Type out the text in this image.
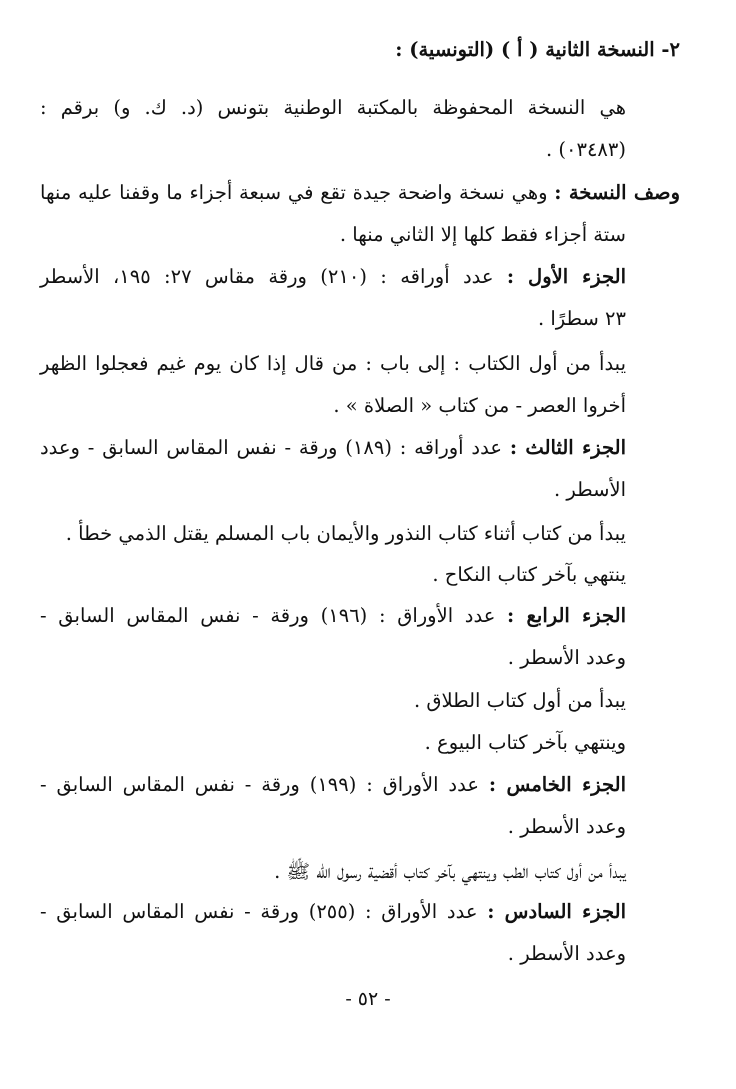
٢- النسخة الثانية ( أ ) (التونسية) :
هي النسخة المحفوظة بالمكتبة الوطنية بتونس (د. ك. و) برقم :
(٠٣٤٨٣) .
وصف النسخة : وهي نسخة واضحة جيدة تقع في سبعة أجزاء ما وقفنا عليه منها
ستة أجزاء فقط كلها إلا الثاني منها .
الجزء الأول : عدد أوراقه : (٢١٠) ورقة مقاس ٢٧: ١٩٥، الأسطر
٢٣ سطرًا .
يبدأ من أول الكتاب : إلى باب : من قال إذا كان يوم غيم فعجلوا الظهر
أخروا العصر - من كتاب « الصلاة » .
الجزء الثالث : عدد أوراقه : (١٨٩) ورقة - نفس المقاس السابق - وعدد
الأسطر .
يبدأ من كتاب أثناء كتاب النذور والأيمان باب المسلم يقتل الذمي خطأ .
ينتهي بآخر كتاب النكاح .
الجزء الرابع : عدد الأوراق : (١٩٦) ورقة - نفس المقاس السابق -
وعدد الأسطر .
يبدأ من أول كتاب الطلاق .
وينتهي بآخر كتاب البيوع .
الجزء الخامس : عدد الأوراق : (١٩٩) ورقة - نفس المقاس السابق -
وعدد الأسطر .
يبدأ من أول كتاب الطب وينتهي بآخر كتاب أقضية رسول الله ﷺ .
الجزء السادس : عدد الأوراق : (٢٥٥) ورقة - نفس المقاس السابق -
وعدد الأسطر .
- ٥٢ -
